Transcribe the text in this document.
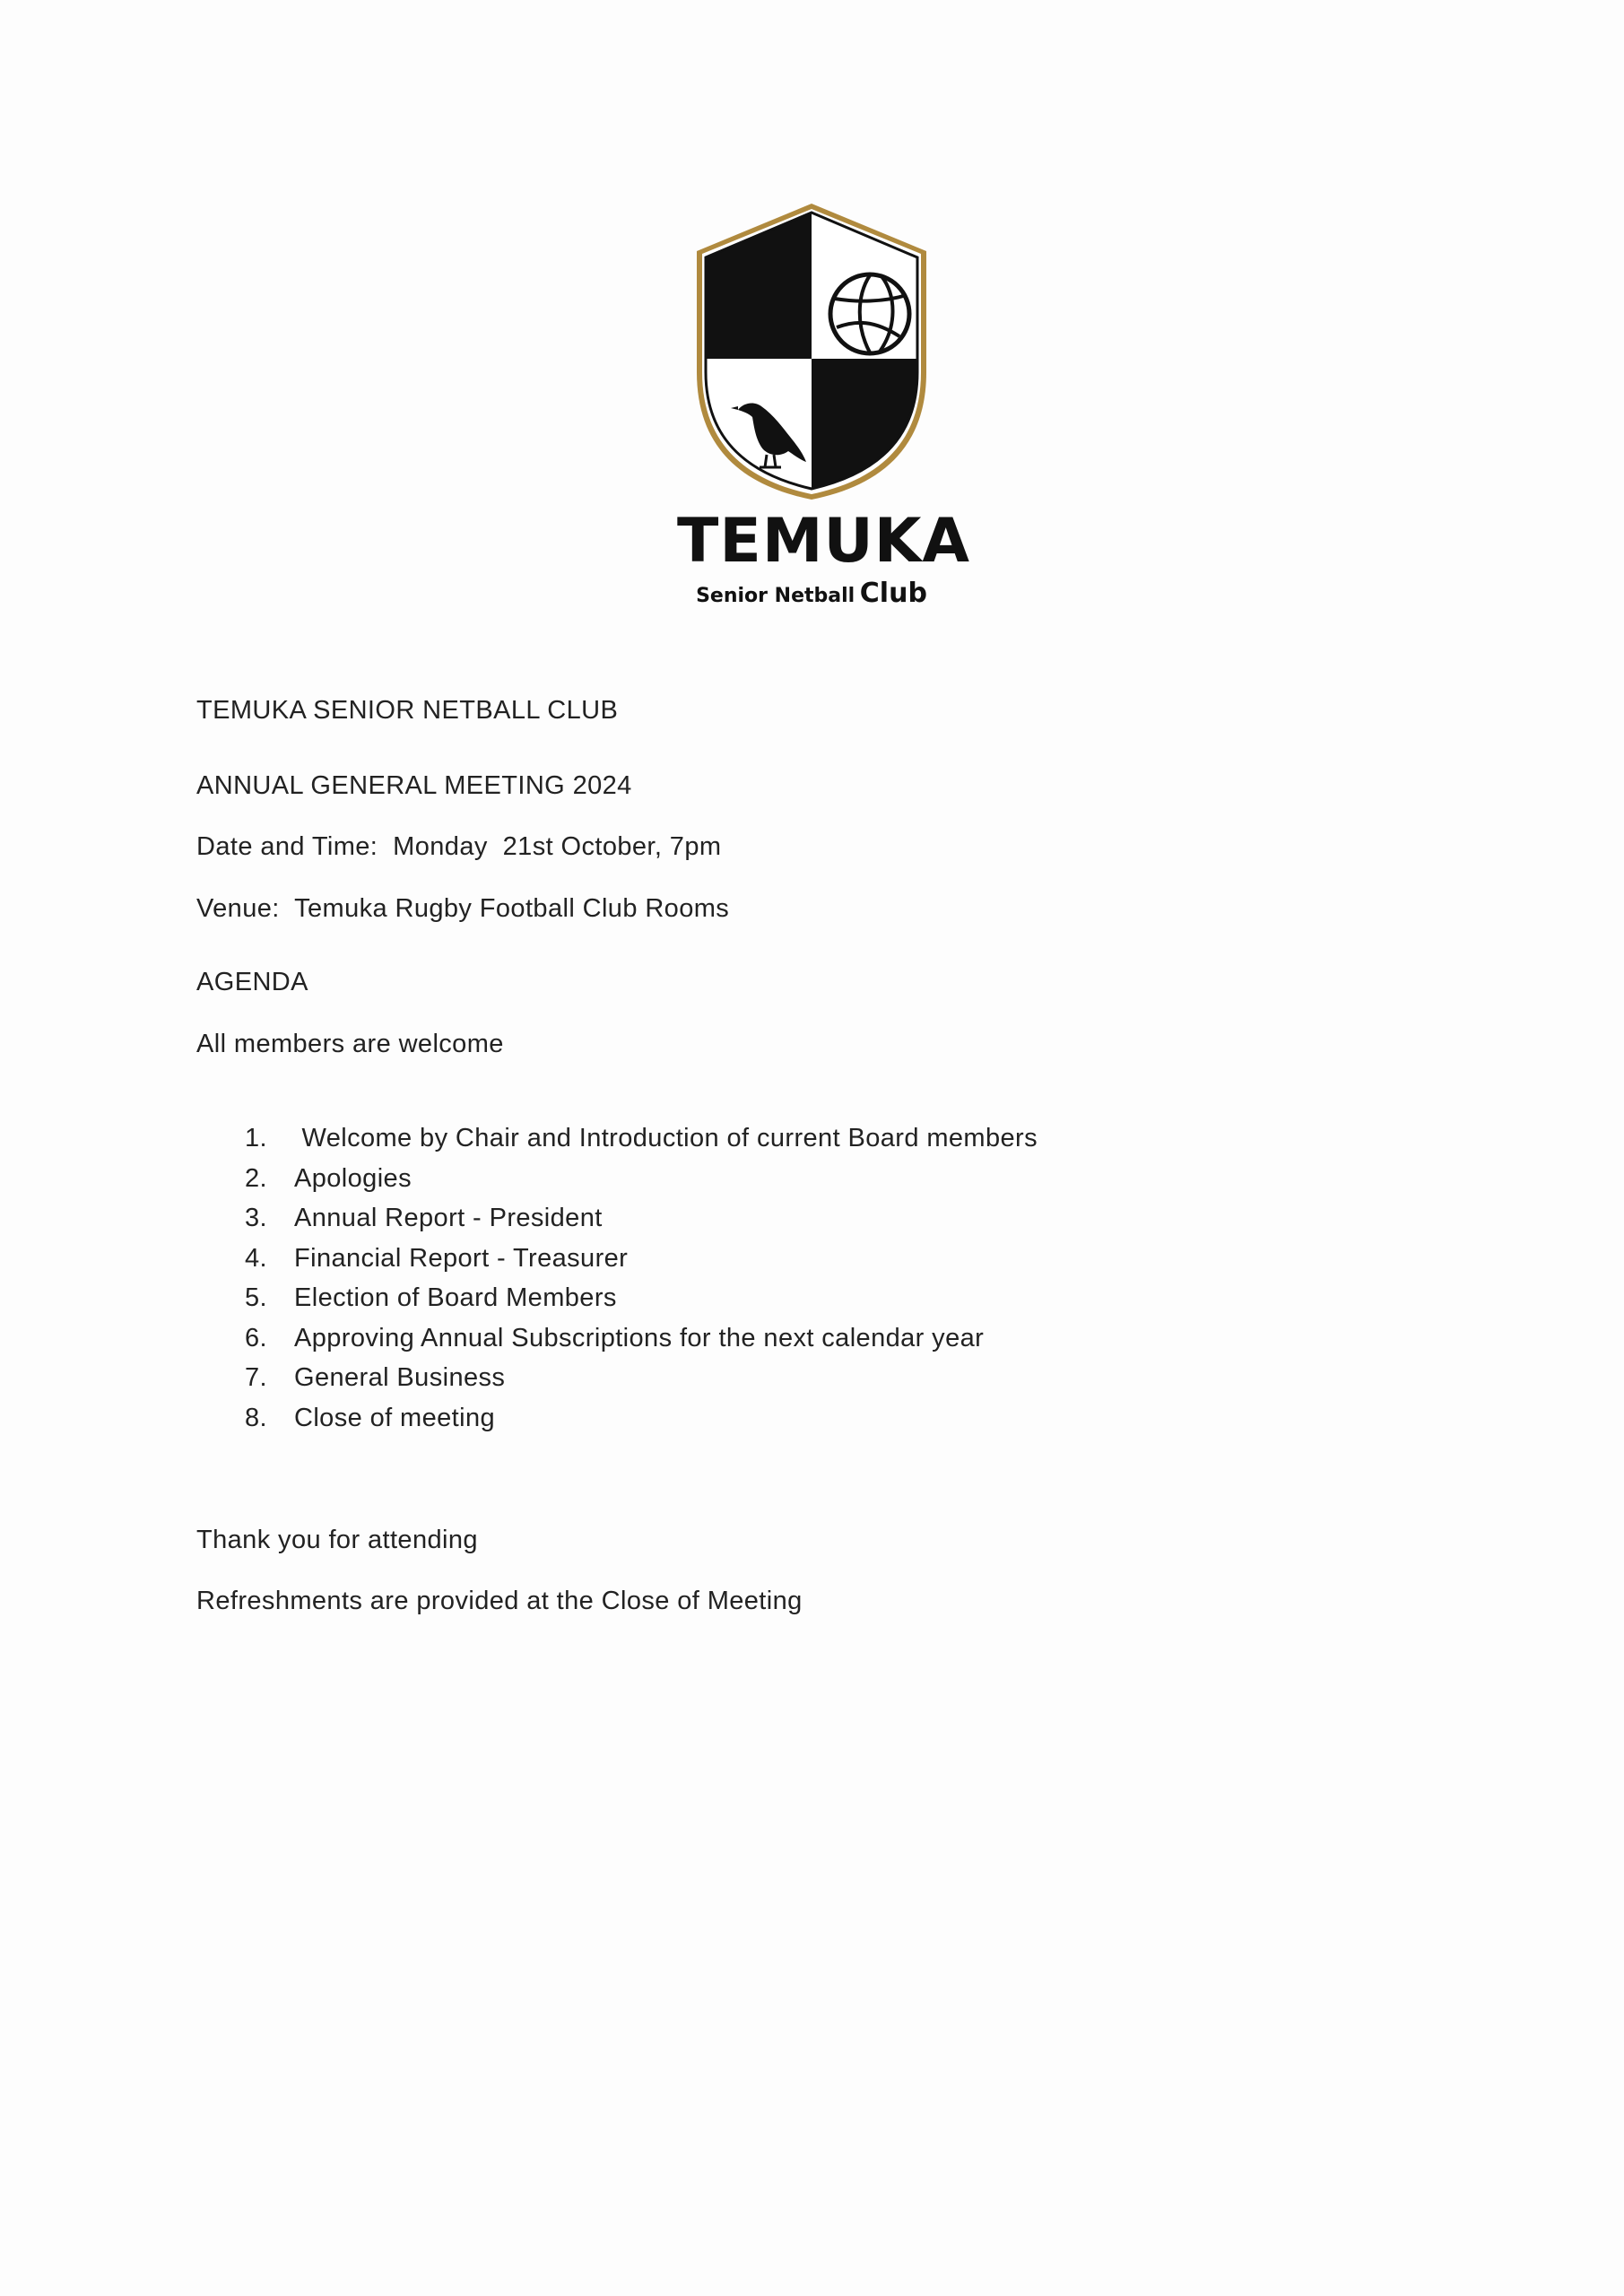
TEMUKA
Senior Netball Club
TEMUKA SENIOR NETBALL CLUB
ANNUAL GENERAL MEETING 2024
Date and Time:  Monday  21st October, 7pm
Venue:  Temuka Rugby Football Club Rooms
AGENDA
All members are welcome
1. Welcome by Chair and Introduction of current Board members
2. Apologies
3. Annual Report - President
4. Financial Report - Treasurer
5. Election of Board Members
6. Approving Annual Subscriptions for the next calendar year
7. General Business
8. Close of meeting
Thank you for attending
Refreshments are provided at the Close of Meeting
